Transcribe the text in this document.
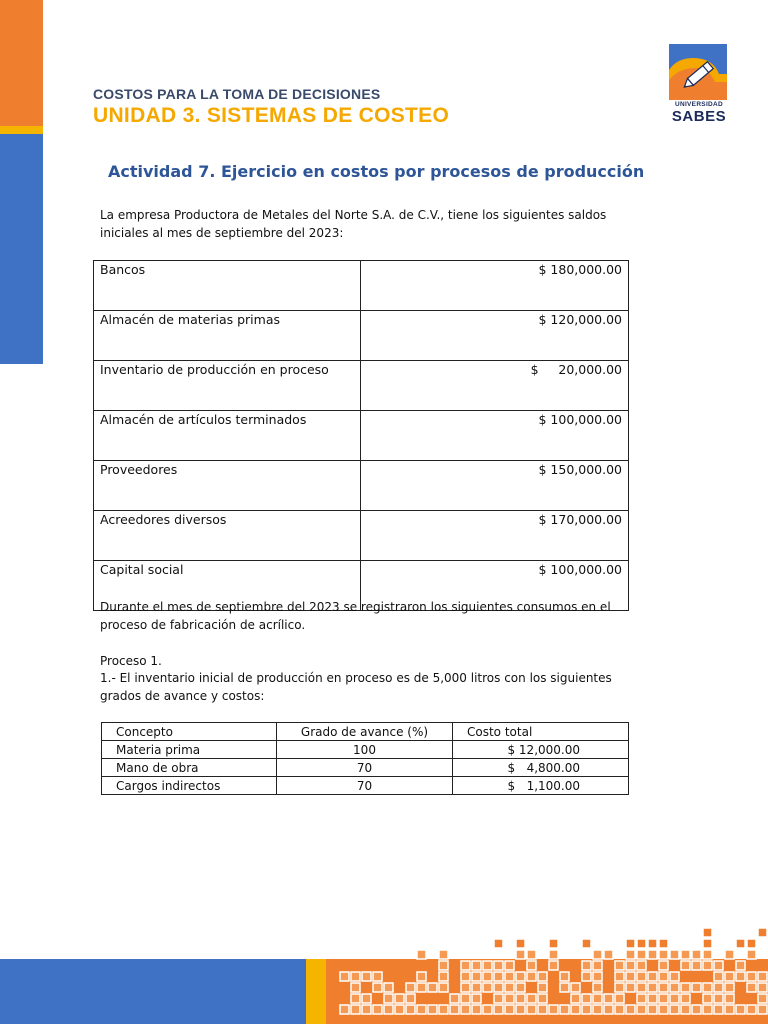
COSTOS PARA LA TOMA DE DECISIONES
UNIDAD 3. SISTEMAS DE COSTEO	UNIVERSIDAD
SABES
Actividad 7. Ejercicio en costos por procesos de producción
La empresa Productora de Metales del Norte S.A. de C.V., tiene los siguientes saldos iniciales al mes de septiembre del 2023:
Bancos	$ 180,000.00
Almacén de materias primas	$ 120,000.00
Inventario de producción en proceso	$     20,000.00
Almacén de artículos terminados	$ 100,000.00
Proveedores	$ 150,000.00
Acreedores diversos	$ 170,000.00
Capital social	$ 100,000.00
Durante el mes de septiembre del 2023 se registraron los siguientes consumos en el proceso de fabricación de acrílico.
Proceso 1.
1.- El inventario inicial de producción en proceso es de 5,000 litros con los siguientes grados de avance y costos:
Concepto	Grado de avance (%)	Costo total
Materia prima	100	$ 12,000.00
Mano de obra	70	$   4,800.00
Cargos indirectos	70	$   1,100.00
